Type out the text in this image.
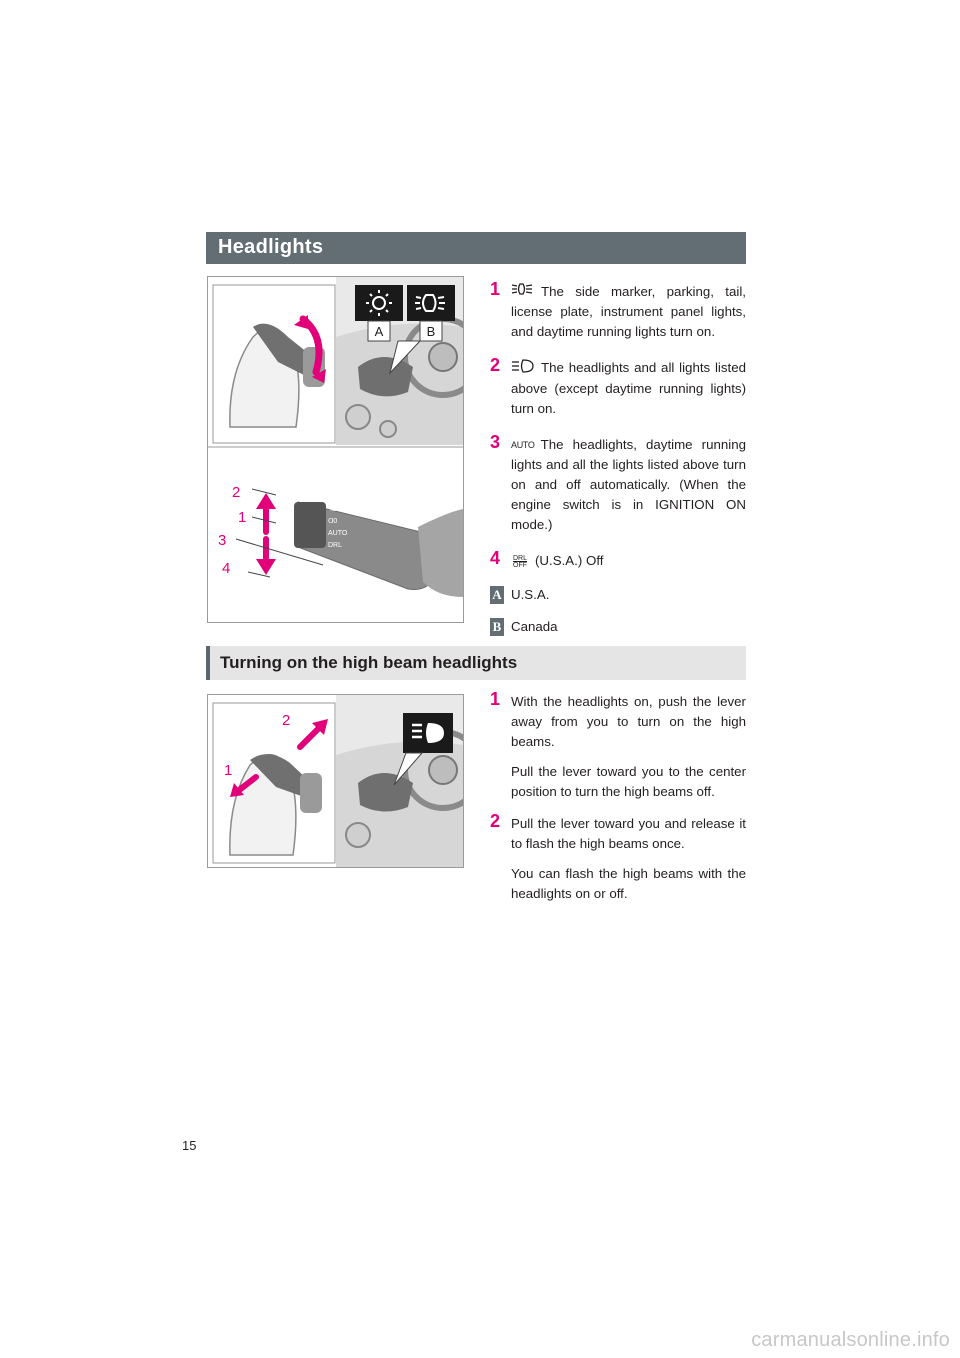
Headlights
A	B
ID
ᗡ0
AUTO
DRL
2
1
3
4
1	The side marker, parking, tail, license plate, instrument panel lights, and daytime running lights turn on.
2	The headlights and all lights listed above (except daytime running lights) turn on.
3 AUTO The headlights, daytime running lights and all the lights listed above turn on and off automatically. (When the engine switch is in IGNITION ON mode.)
4 DRL
$\overline{OFF}$ (U.S.A.) Off
A U.S.A.
B Canada
Turning on the high beam headlights
2
1
1 With the headlights on, push the lever away from you to turn on the high beams.
Pull the lever toward you to the center position to turn the high beams off.
2 Pull the lever toward you and release it to flash the high beams once.
You can flash the high beams with the headlights on or off.
15
carmanualsonline.info
